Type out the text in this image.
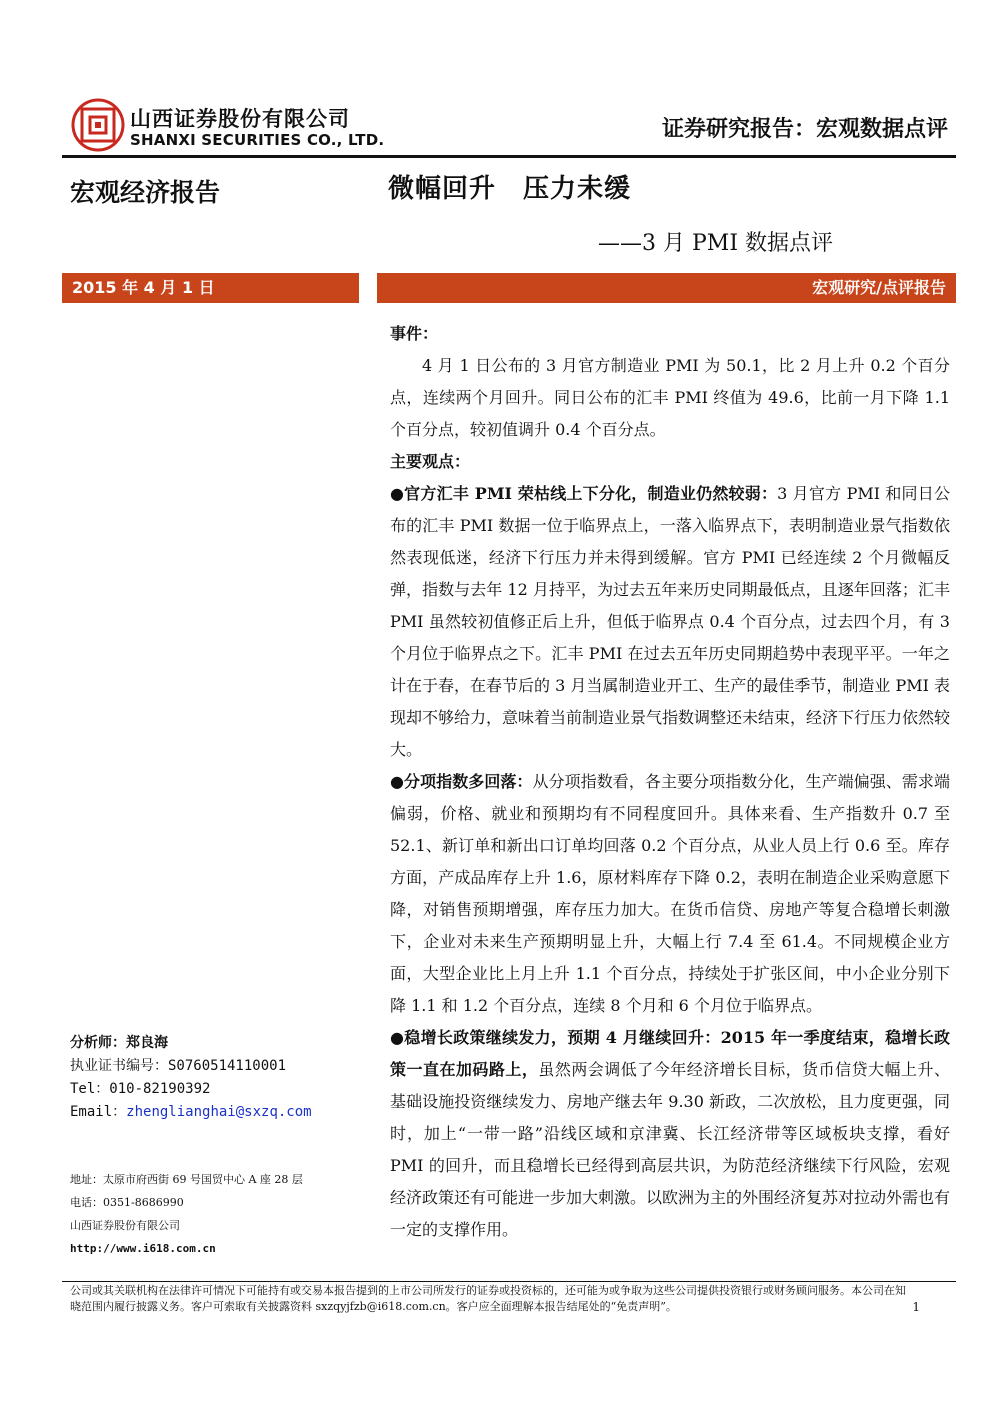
山西证券股份有限公司
SHANXI SECURITIES CO., LTD.	证券研究报告：宏观数据点评
宏观经济报告	微幅回升　压力未缓
——3 月 PMI 数据点评
2015 年 4 月 1 日	宏观研究/点评报告

事件：

4 月 1 日公布的 3 月官方制造业 PMI 为 50.1，比 2 月上升 0.2 个百分点，连续两个月回升。同日公布的汇丰 PMI 终值为 49.6，比前一月下降 1.1 个百分点，较初值调升 0.4 个百分点。

主要观点：

●官方汇丰 PMI 荣枯线上下分化，制造业仍然较弱：3 月官方 PMI 和同日公布的汇丰 PMI 数据一位于临界点上，一落入临界点下，表明制造业景气指数依然表现低迷，经济下行压力并未得到缓解。官方 PMI 已经连续 2 个月微幅反弹，指数与去年 12 月持平，为过去五年来历史同期最低点，且逐年回落；汇丰 PMI 虽然较初值修正后上升，但低于临界点 0.4 个百分点，过去四个月，有 3 个月位于临界点之下。汇丰 PMI 在过去五年历史同期趋势中表现平平。一年之计在于春，在春节后的 3 月当属制造业开工、生产的最佳季节，制造业 PMI 表现却不够给力，意味着当前制造业景气指数调整还未结束，经济下行压力依然较大。

●分项指数多回落：从分项指数看，各主要分项指数分化，生产端偏强、需求端偏弱，价格、就业和预期均有不同程度回升。具体来看、生产指数升 0.7 至 52.1、新订单和新出口订单均回落 0.2 个百分点，从业人员上行 0.6 至。库存方面，产成品库存上升 1.6，原材料库存下降 0.2，表明在制造企业采购意愿下降，对销售预期增强，库存压力加大。在货币信贷、房地产等复合稳增长刺激下，企业对未来生产预期明显上升，大幅上行 7.4 至 61.4。不同规模企业方面，大型企业比上月上升 1.1 个百分点，持续处于扩张区间，中小企业分别下降 1.1 和 1.2 个百分点，连续 8 个月和 6 个月位于临界点。

●稳增长政策继续发力，预期 4 月继续回升：2015 年一季度结束，稳增长政策一直在加码路上，虽然两会调低了今年经济增长目标，货币信贷大幅上升、基础设施投资继续发力、房地产继去年 9.30 新政，二次放松，且力度更强，同时，加上“一带一路”沿线区域和京津冀、长江经济带等区域板块支撑，看好 PMI 的回升，而且稳增长已经得到高层共识，为防范经济继续下行风险，宏观经济政策还有可能进一步加大刺激。以欧洲为主的外围经济复苏对拉动外需也有一定的支撑作用。

分析师：郑良海
执业证书编号：S0760514110001
Tel：010-82190392
Email：zhengliangha​i@sxzq.com
地址：太原市府西街 69 号国贸中心 A 座 28 层
电话：0351-8686990
山西证券股份有限公司
http://www.i618.com.cn
公司或其关联机构在法律许可情况下可能持有或交易本报告提到的上市公司所发行的证券或投资标的，还可能为或争取为这些公司提供投资银行或财务顾问服务。本公司在知晓范围内履行披露义务。客户可索取有关披露资料 sxzqyjfzb@i618.com.cn。客户应全面理解本报告结尾处的“免责声明”。	1
